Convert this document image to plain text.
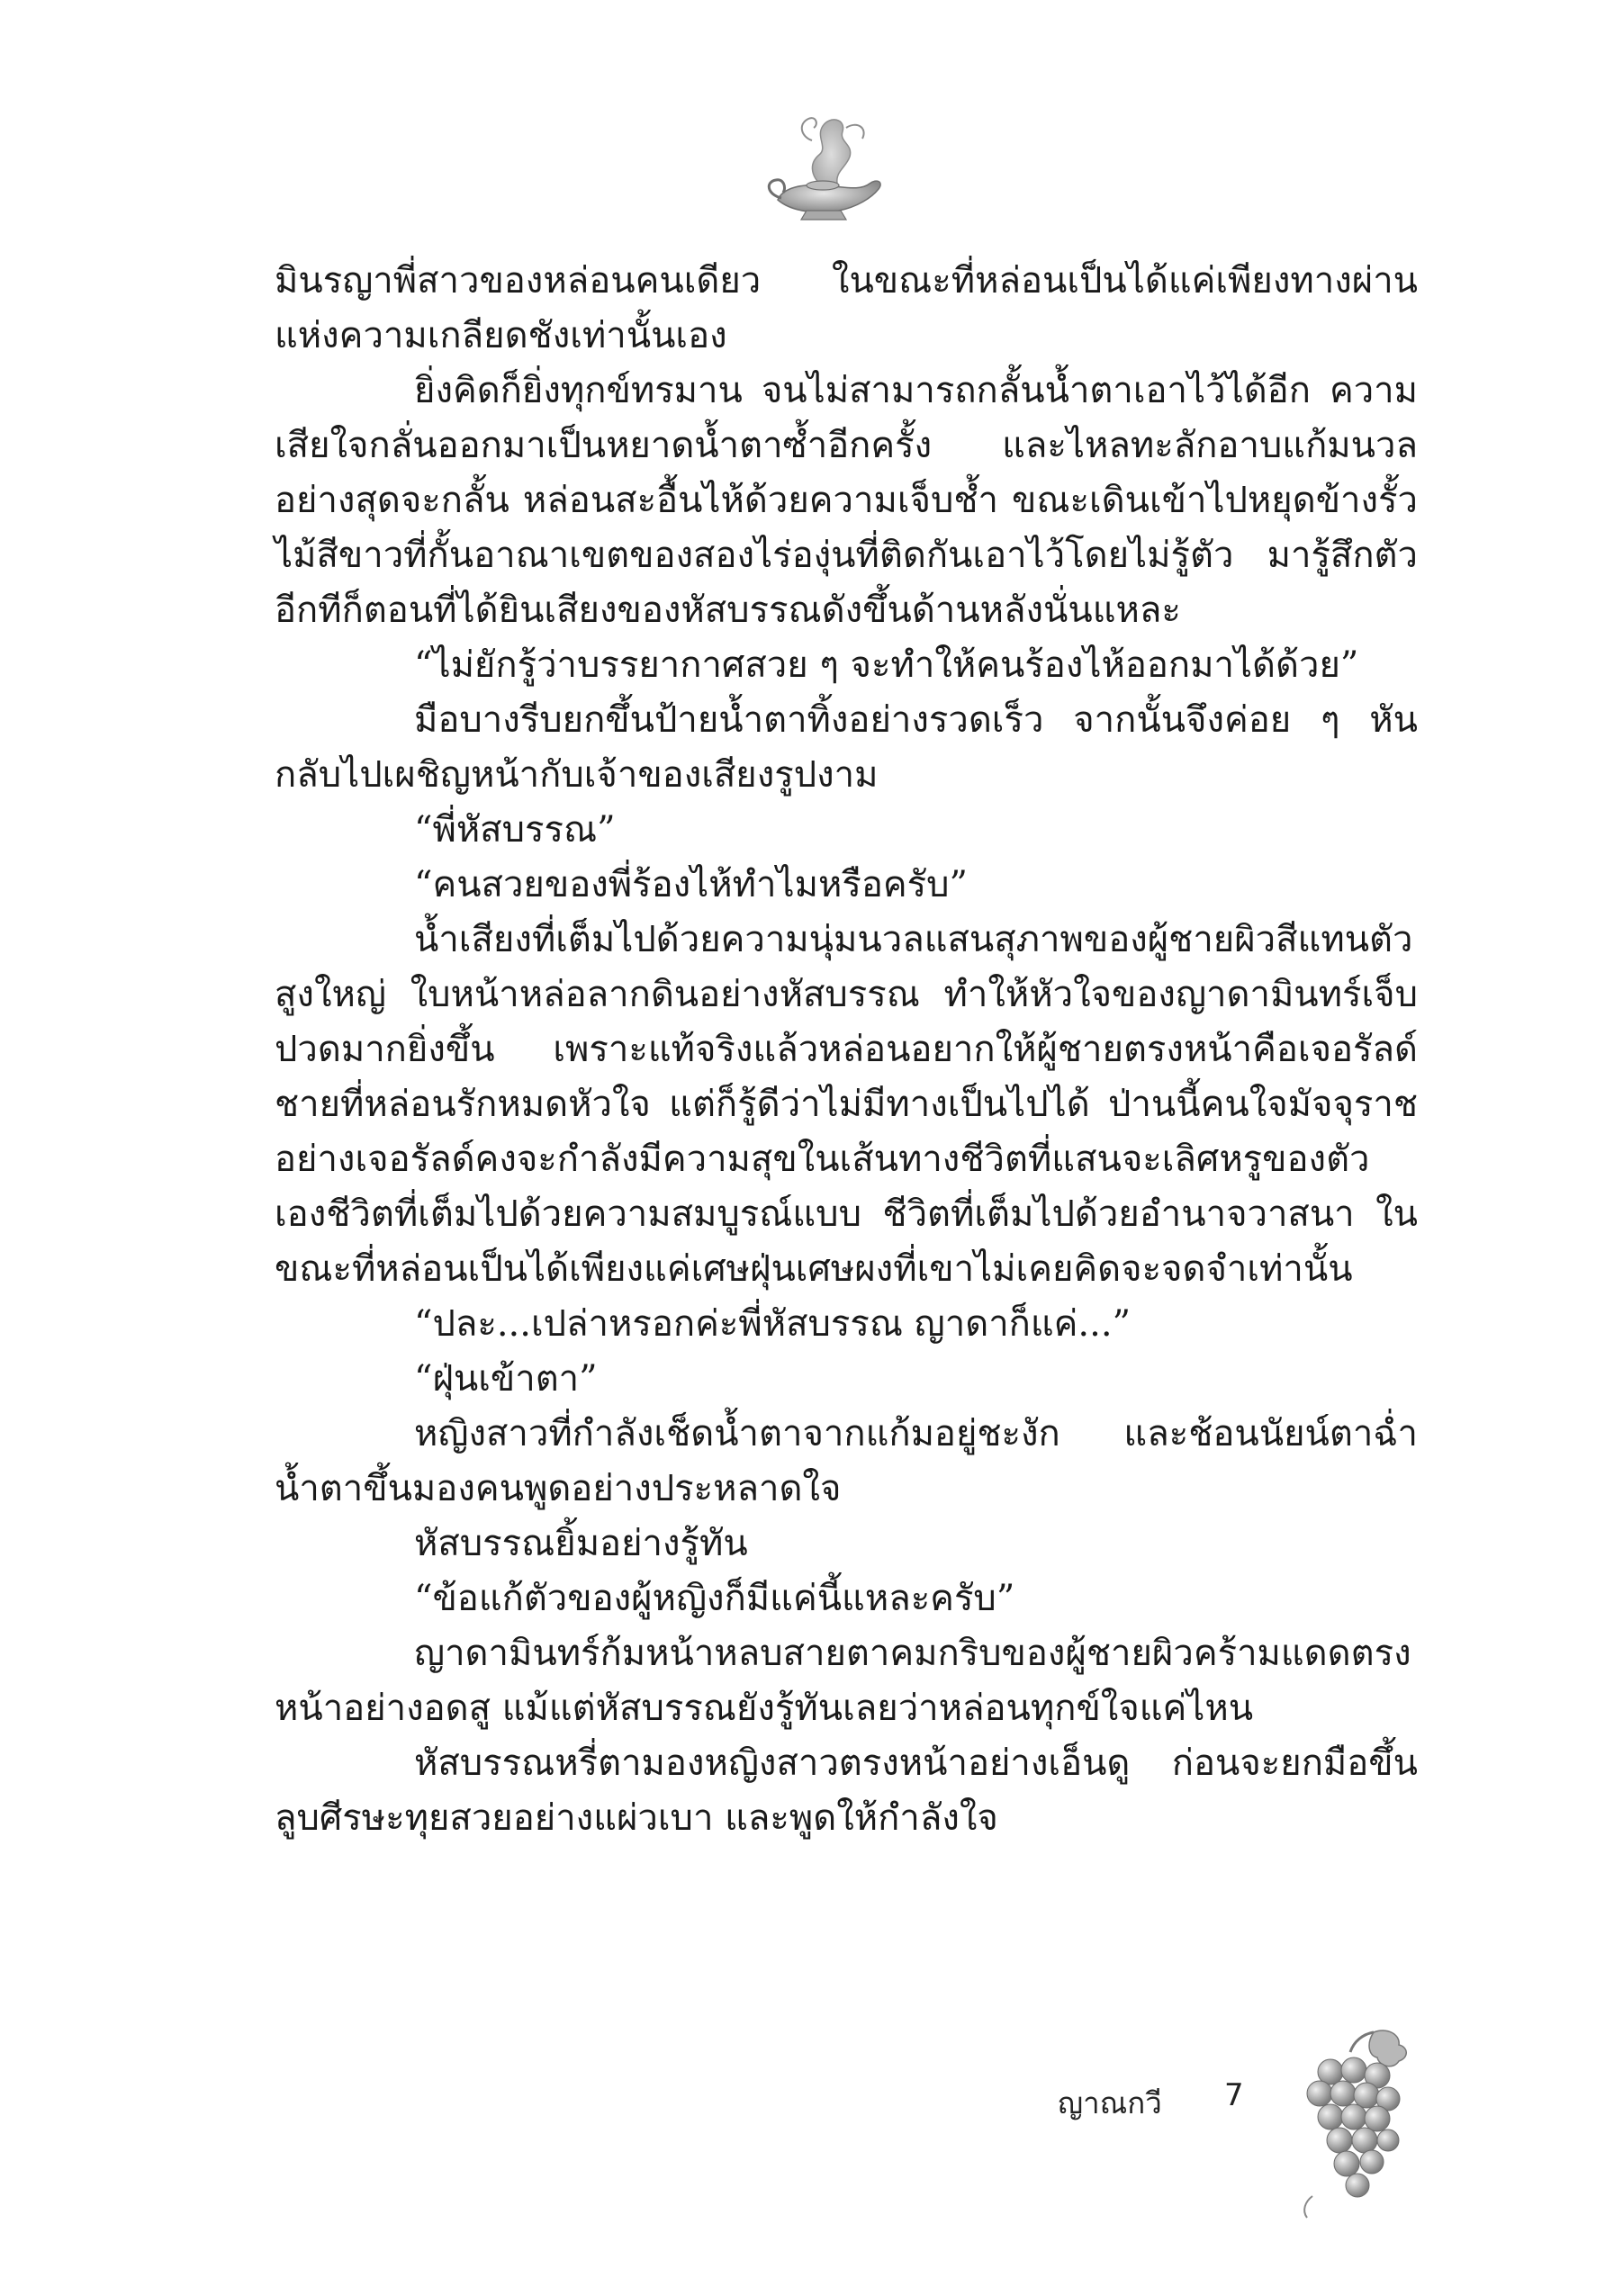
มินรญาพี่สาวของหล่อนคนเดียว ในขณะที่หล่อนเป็นได้แค่เพียงทางผ่านแห่งความเกลียดชังเท่านั้นเอง

ยิ่งคิดก็ยิ่งทุกข์ทรมาน จนไม่สามารถกลั้นน้ำตาเอาไว้ได้อีก ความเสียใจกลั่นออกมาเป็นหยาดน้ำตาซ้ำอีกครั้ง และไหลทะลักอาบแก้มนวลอย่างสุดจะกลั้น หล่อนสะอื้นไห้ด้วยความเจ็บช้ำ ขณะเดินเข้าไปหยุดข้างรั้วไม้สีขาวที่กั้นอาณาเขตของสองไร่องุ่นที่ติดกันเอาไว้โดยไม่รู้ตัว มารู้สึกตัวอีกทีก็ตอนที่ได้ยินเสียงของหัสบรรณดังขึ้นด้านหลังนั่นแหละ

“ไม่ยักรู้ว่าบรรยากาศสวย ๆ จะทำให้คนร้องไห้ออกมาได้ด้วย”

มือบางรีบยกขึ้นป้ายน้ำตาทิ้งอย่างรวดเร็ว จากนั้นจึงค่อย ๆ หันกลับไปเผชิญหน้ากับเจ้าของเสียงรูปงาม

“พี่หัสบรรณ”

“คนสวยของพี่ร้องไห้ทำไมหรือครับ”

น้ำเสียงที่เต็มไปด้วยความนุ่มนวลแสนสุภาพของผู้ชายผิวสีแทนตัวสูงใหญ่ ใบหน้าหล่อลากดินอย่างหัสบรรณ ทำให้หัวใจของญาดามินทร์เจ็บปวดมากยิ่งขึ้น เพราะแท้จริงแล้วหล่อนอยากให้ผู้ชายตรงหน้าคือเจอรัลด์ชายที่หล่อนรักหมดหัวใจ แต่ก็รู้ดีว่าไม่มีทางเป็นไปได้ ป่านนี้คนใจมัจจุราชอย่างเจอรัลด์คงจะกำลังมีความสุขในเส้นทางชีวิตที่แสนจะเลิศหรูของตัวเองชีวิตที่เต็มไปด้วยความสมบูรณ์แบบ ชีวิตที่เต็มไปด้วยอำนาจวาสนา ในขณะที่หล่อนเป็นได้เพียงแค่เศษฝุ่นเศษผงที่เขาไม่เคยคิดจะจดจำเท่านั้น

“ปละ...เปล่าหรอกค่ะพี่หัสบรรณ ญาดาก็แค่...”

“ฝุ่นเข้าตา”

หญิงสาวที่กำลังเช็ดน้ำตาจากแก้มอยู่ชะงัก และช้อนนัยน์ตาฉ่ำน้ำตาขึ้นมองคนพูดอย่างประหลาดใจ

หัสบรรณยิ้มอย่างรู้ทัน

“ข้อแก้ตัวของผู้หญิงก็มีแค่นี้แหละครับ”

ญาดามินทร์ก้มหน้าหลบสายตาคมกริบของผู้ชายผิวคร้ามแดดตรงหน้าอย่างอดสู แม้แต่หัสบรรณยังรู้ทันเลยว่าหล่อนทุกข์ใจแค่ไหน

หัสบรรณหรี่ตามองหญิงสาวตรงหน้าอย่างเอ็นดู ก่อนจะยกมือขึ้นลูบศีรษะทุยสวยอย่างแผ่วเบา และพูดให้กำลังใจ

ญาณกวี 7
